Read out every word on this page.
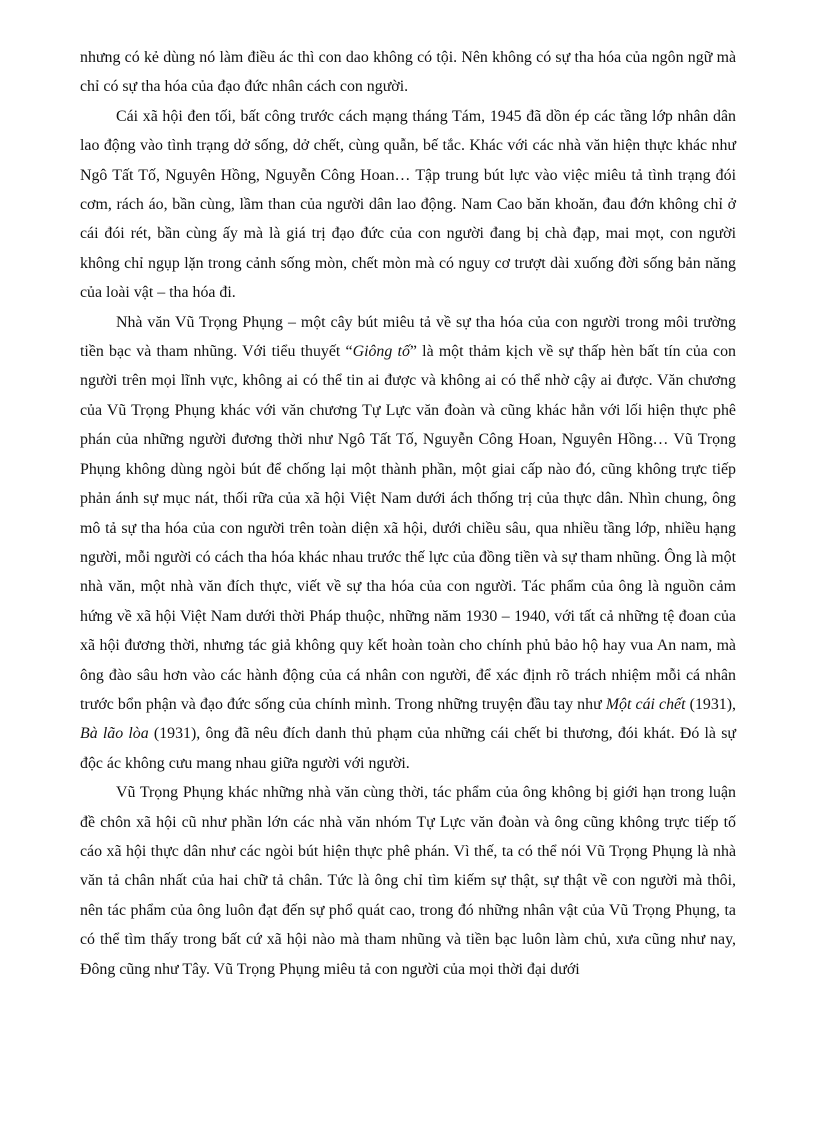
nhưng có kẻ dùng nó làm điều ác thì con dao không có tội. Nên không có sự tha hóa của ngôn ngữ mà chỉ có sự tha hóa của đạo đức nhân cách con người.

Cái xã hội đen tối, bất công trước cách mạng tháng Tám, 1945 đã dồn ép các tầng lớp nhân dân lao động vào tình trạng dở sống, dở chết, cùng quẫn, bế tắc. Khác với các nhà văn hiện thực khác như Ngô Tất Tố, Nguyên Hồng, Nguyễn Công Hoan… Tập trung bút lực vào việc miêu tả tình trạng đói cơm, rách áo, bần cùng, lầm than của người dân lao động. Nam Cao băn khoăn, đau đớn không chỉ ở cái đói rét, bần cùng ấy mà là giá trị đạo đức của con người đang bị chà đạp, mai mọt, con người không chỉ ngụp lặn trong cảnh sống mòn, chết mòn mà có nguy cơ trượt dài xuống đời sống bản năng của loài vật – tha hóa đi.

Nhà văn Vũ Trọng Phụng – một cây bút miêu tả về sự tha hóa của con người trong môi trường tiền bạc và tham nhũng. Với tiểu thuyết “Giông tố” là một thảm kịch về sự thấp hèn bất tín của con người trên mọi lĩnh vực, không ai có thể tin ai được và không ai có thể nhờ cậy ai được. Văn chương của Vũ Trọng Phụng khác với văn chương Tự Lực văn đoàn và cũng khác hẳn với lối hiện thực phê phán của những người đương thời như Ngô Tất Tố, Nguyễn Công Hoan, Nguyên Hồng… Vũ Trọng Phụng không dùng ngòi bút để chống lại một thành phần, một giai cấp nào đó, cũng không trực tiếp phản ánh sự mục nát, thối rữa của xã hội Việt Nam dưới ách thống trị của thực dân. Nhìn chung, ông mô tả sự tha hóa của con người trên toàn diện xã hội, dưới chiều sâu, qua nhiều tầng lớp, nhiều hạng người, mỗi người có cách tha hóa khác nhau trước thế lực của đồng tiền và sự tham nhũng. Ông là một nhà văn, một nhà văn đích thực, viết về sự tha hóa của con người. Tác phẩm của ông là nguồn cảm hứng về xã hội Việt Nam dưới thời Pháp thuộc, những năm 1930 – 1940, với tất cả những tệ đoan của xã hội đương thời, nhưng tác giả không quy kết hoàn toàn cho chính phủ bảo hộ hay vua An nam, mà ông đào sâu hơn vào các hành động của cá nhân con người, để xác định rõ trách nhiệm mỗi cá nhân trước bổn phận và đạo đức sống của chính mình. Trong những truyện đầu tay như Một cái chết (1931), Bà lão lòa (1931), ông đã nêu đích danh thủ phạm của những cái chết bi thương, đói khát. Đó là sự độc ác không cưu mang nhau giữa người với người.

Vũ Trọng Phụng khác những nhà văn cùng thời, tác phẩm của ông không bị giới hạn trong luận đề chôn xã hội cũ như phần lớn các nhà văn nhóm Tự Lực văn đoàn và ông cũng không trực tiếp tố cáo xã hội thực dân như các ngòi bút hiện thực phê phán. Vì thế, ta có thể nói Vũ Trọng Phụng là nhà văn tả chân nhất của hai chữ tả chân. Tức là ông chỉ tìm kiếm sự thật, sự thật về con người mà thôi, nên tác phẩm của ông luôn đạt đến sự phổ quát cao, trong đó những nhân vật của Vũ Trọng Phụng, ta có thể tìm thấy trong bất cứ xã hội nào mà tham nhũng và tiền bạc luôn làm chủ, xưa cũng như nay, Đông cũng như Tây. Vũ Trọng Phụng miêu tả con người của mọi thời đại dưới
